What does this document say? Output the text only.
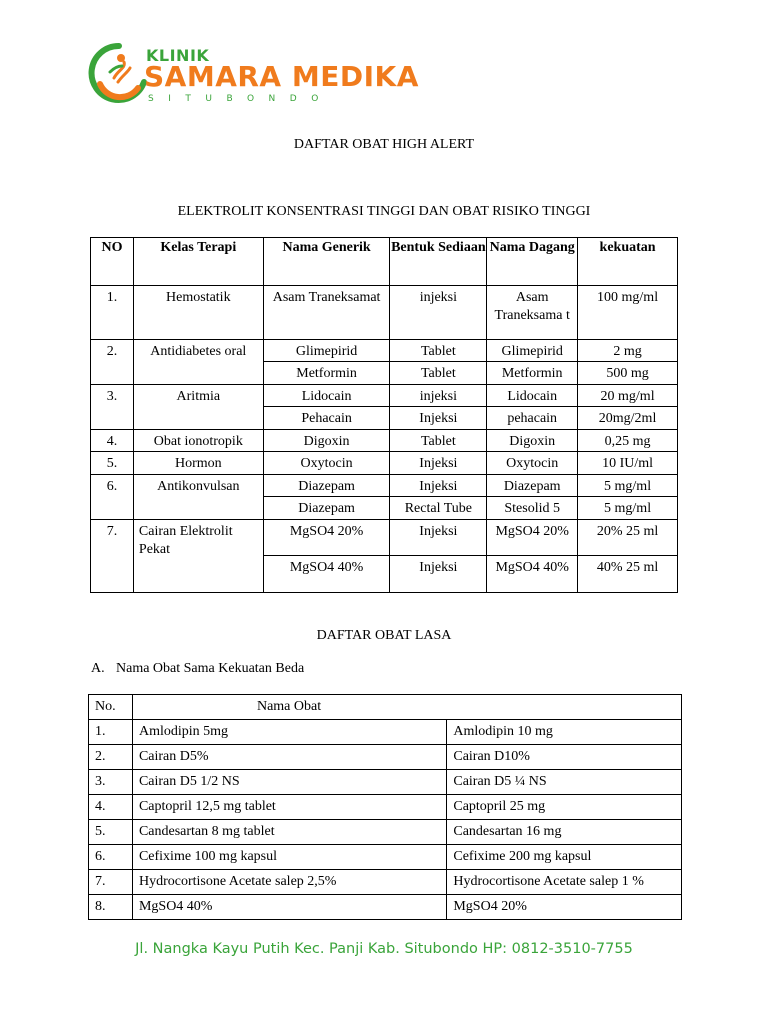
KLINIK
SAMARA MEDIKA
SITUBONDO
DAFTAR OBAT HIGH ALERT
ELEKTROLIT KONSENTRASI TINGGI DAN OBAT RISIKO TINGGI
NO	Kelas Terapi	Nama Generik	Bentuk Sediaan	Nama Dagang	kekuatan
1.	Hemostatik	Asam Traneksamat	injeksi	Asam Traneksama t	100 mg/ml
2.	Antidiabetes oral	Glimepirid	Tablet	Glimepirid	2 mg
		Metformin	Tablet	Metformin	500 mg
3.	Aritmia	Lidocain	injeksi	Lidocain	20 mg/ml
		Pehacain	Injeksi	pehacain	20mg/2ml
4.	Obat ionotropik	Digoxin	Tablet	Digoxin	0,25 mg
5.	Hormon	Oxytocin	Injeksi	Oxytocin	10 IU/ml
6.	Antikonvulsan	Diazepam	Injeksi	Diazepam	5 mg/ml
		Diazepam	Rectal Tube	Stesolid 5	5 mg/ml
7.	Cairan Elektrolit Pekat	MgSO4 20%	Injeksi	MgSO4 20%	20% 25 ml
		MgSO4 40%	Injeksi	MgSO4 40%	40% 25 ml
DAFTAR OBAT LASA
A. Nama Obat Sama Kekuatan Beda
No.	Nama Obat	
1.	Amlodipin 5mg	Amlodipin 10 mg
2.	Cairan D5%	Cairan D10%
3.	Cairan D5 1/2 NS	Cairan D5 ¼ NS
4.	Captopril 12,5 mg tablet	Captopril 25 mg
5.	Candesartan 8 mg tablet	Candesartan 16 mg
6.	Cefixime 100 mg kapsul	Cefixime 200 mg kapsul
7.	Hydrocortisone Acetate salep 2,5%	Hydrocortisone Acetate salep 1 %
8.	MgSO4 40%	MgSO4 20%
Jl. Nangka Kayu Putih Kec. Panji Kab. Situbondo HP: 0812-3510-7755
